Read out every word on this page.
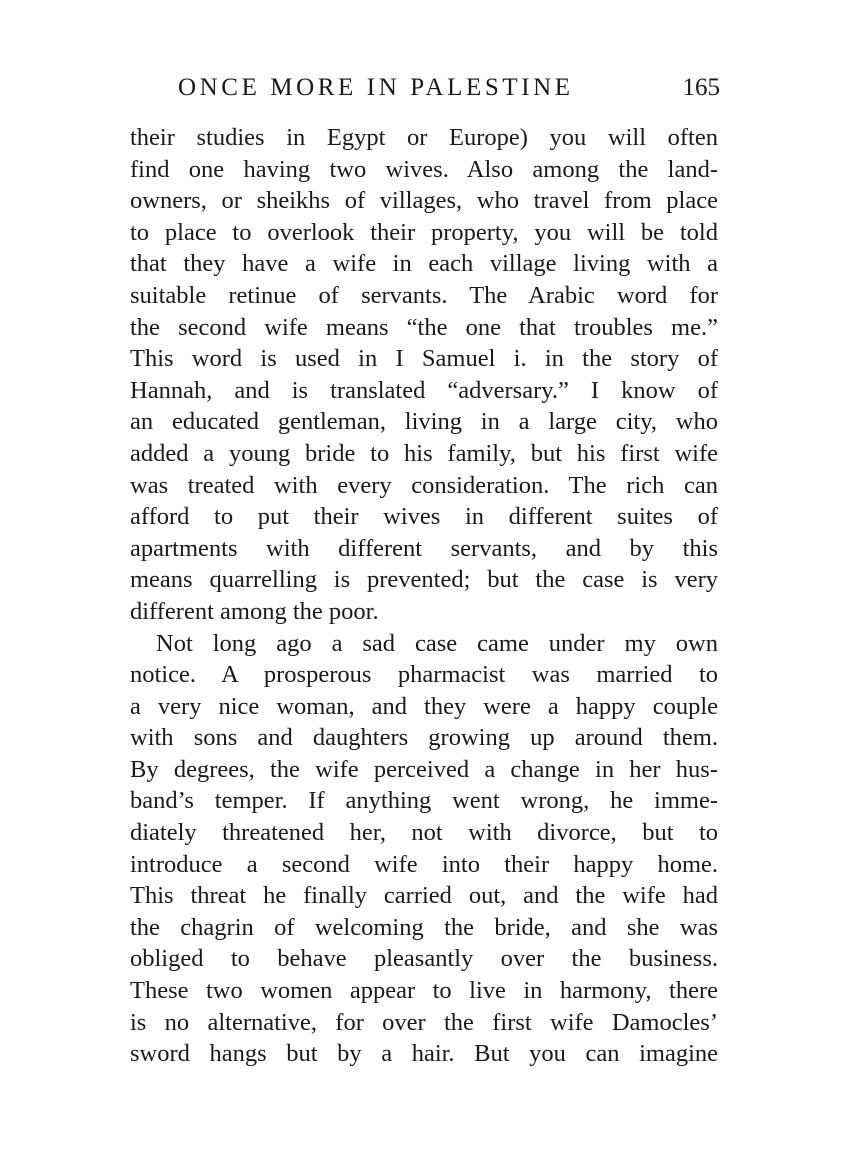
ONCE MORE IN PALESTINE	165
their studies in Egypt or Europe) you will often
find one having two wives. Also among the land-
owners, or sheikhs of villages, who travel from place
to place to overlook their property, you will be told
that they have a wife in each village living with a
suitable retinue of servants. The Arabic word for
the second wife means “the one that troubles me.”
This word is used in I Samuel i. in the story of
Hannah, and is translated “adversary.” I know of
an educated gentleman, living in a large city, who
added a young bride to his family, but his first wife
was treated with every consideration. The rich can
afford to put their wives in different suites of
apartments with different servants, and by this
means quarrelling is prevented; but the case is very
different among the poor.
Not long ago a sad case came under my own
notice. A prosperous pharmacist was married to
a very nice woman, and they were a happy couple
with sons and daughters growing up around them.
By degrees, the wife perceived a change in her hus-
band’s temper. If anything went wrong, he imme-
diately threatened her, not with divorce, but to
introduce a second wife into their happy home.
This threat he finally carried out, and the wife had
the chagrin of welcoming the bride, and she was
obliged to behave pleasantly over the business.
These two women appear to live in harmony, there
is no alternative, for over the first wife Damocles’
sword hangs but by a hair. But you can imagine
